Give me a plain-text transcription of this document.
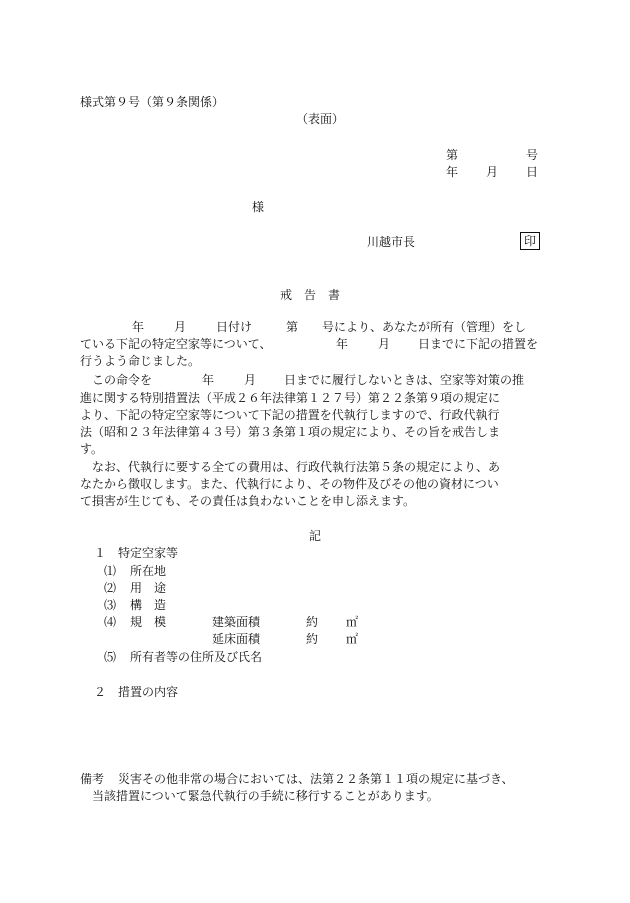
様式第９号（第９条関係）
（表面）
第	号
年 月 日
様
川越市長	印
戒　告　書
年 月 日付け	第 号により、あなたが所有（管理）をし
ている下記の特定空家等について、	年 月 日までに下記の措置を
行うよう命じました。
この命令を	年 月 日までに履行しないときは、空家等対策の推
進に関する特別措置法（平成２６年法律第１２７号）第２２条第９項の規定に
より、下記の特定空家等について下記の措置を代執行しますので、行政代執行
法（昭和２３年法律第４３号）第３条第１項の規定により、その旨を戒告しま
す。
なお、代執行に要する全ての費用は、行政代執行法第５条の規定により、あ
なたから徴収します。また、代執行により、その物件及びその他の資材につい
て損害が生じても、その責任は負わないことを申し添えます。
記
１ 特定空家等
⑴ 所在地
⑵ 用　途
⑶ 構　造
⑷ 規　模	建築面積	約 ㎡
延床面積	約 ㎡
⑸ 所有者等の住所及び氏名
２ 措置の内容
備考 災害その他非常の場合においては、法第２２条第１１項の規定に基づき、
当該措置について緊急代執行の手続に移行することがあります。
